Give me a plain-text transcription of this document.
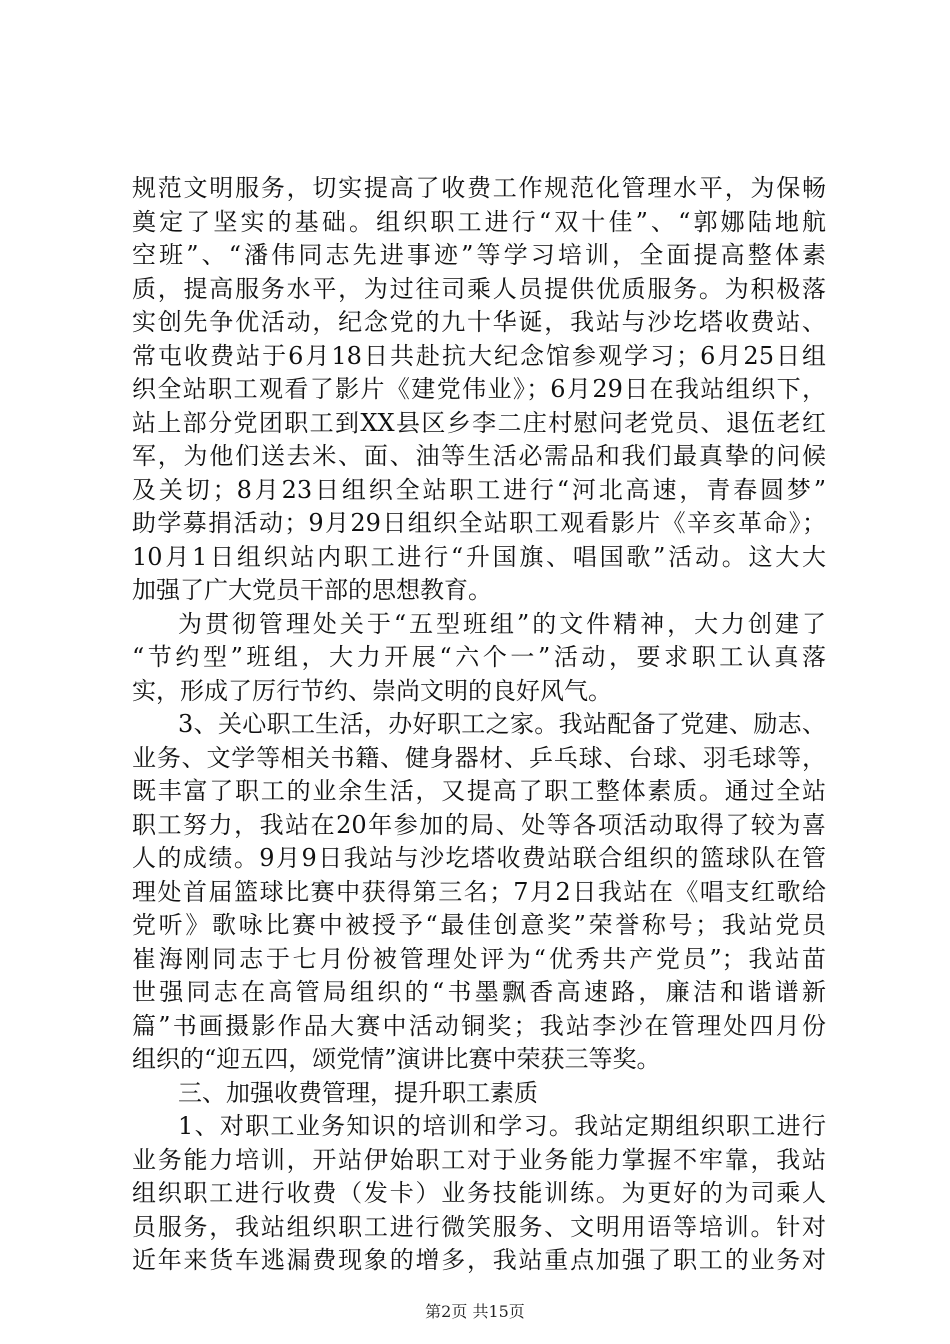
规范文明服务，切实提高了收费工作规范化管理水平，为保畅
奠定了坚实的基础。组织职工进行“双十佳”、“郭娜陆地航
空班”、“潘伟同志先进事迹”等学习培训，全面提高整体素
质，提高服务水平，为过往司乘人员提供优质服务。为积极落
实创先争优活动，纪念党的九十华诞，我站与沙圪塔收费站、
常屯收费站于6月18日共赴抗大纪念馆参观学习；6月25日组
织全站职工观看了影片《建党伟业》；6月29日在我站组织下，
站上部分党团职工到XX县区乡李二庄村慰问老党员、退伍老红
军，为他们送去米、面、油等生活必需品和我们最真挚的问候
及关切；8月23日组织全站职工进行“河北高速，青春圆梦”
助学募捐活动；9月29日组织全站职工观看影片《辛亥革命》；
10月1日组织站内职工进行“升国旗、唱国歌”活动。这大大
加强了广大党员干部的思想教育。
为贯彻管理处关于“五型班组”的文件精神，大力创建了
“节约型”班组，大力开展“六个一”活动，要求职工认真落
实，形成了厉行节约、崇尚文明的良好风气。
3、关心职工生活，办好职工之家。我站配备了党建、励志、
业务、文学等相关书籍、健身器材、乒乓球、台球、羽毛球等，
既丰富了职工的业余生活，又提高了职工整体素质。通过全站
职工努力，我站在20年参加的局、处等各项活动取得了较为喜
人的成绩。9月9日我站与沙圪塔收费站联合组织的篮球队在管
理处首届篮球比赛中获得第三名；7月2日我站在《唱支红歌给
党听》歌咏比赛中被授予“最佳创意奖”荣誉称号；我站党员
崔海刚同志于七月份被管理处评为“优秀共产党员”；我站苗
世强同志在高管局组织的“书墨飘香高速路，廉洁和谐谱新
篇”书画摄影作品大赛中活动铜奖；我站李沙在管理处四月份
组织的“迎五四，颂党情”演讲比赛中荣获三等奖。
三、加强收费管理，提升职工素质
1、对职工业务知识的培训和学习。我站定期组织职工进行
业务能力培训，开站伊始职工对于业务能力掌握不牢靠，我站
组织职工进行收费（发卡）业务技能训练。为更好的为司乘人
员服务，我站组织职工进行微笑服务、文明用语等培训。针对
近年来货车逃漏费现象的增多，我站重点加强了职工的业务对
第2页 共15页
